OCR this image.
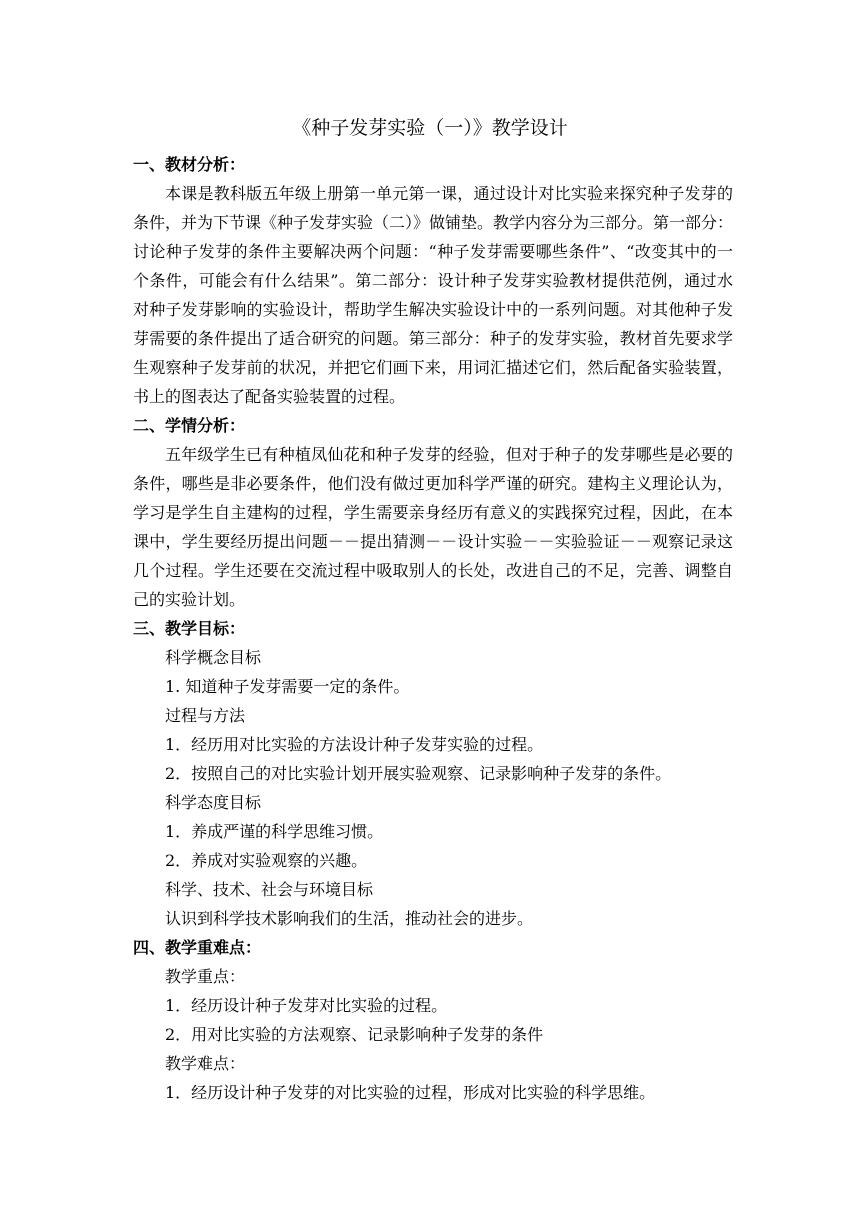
《种子发芽实验（一）》教学设计

一、教材分析：

本课是教科版五年级上册第一单元第一课，通过设计对比实验来探究种子发芽的条件，并为下节课《种子发芽实验（二）》做铺垫。教学内容分为三部分。第一部分：讨论种子发芽的条件主要解决两个问题：“种子发芽需要哪些条件”、“改变其中的一个条件，可能会有什么结果”。第二部分：设计种子发芽实验教材提供范例，通过水对种子发芽影响的实验设计，帮助学生解决实验设计中的一系列问题。对其他种子发芽需要的条件提出了适合研究的问题。第三部分：种子的发芽实验，教材首先要求学生观察种子发芽前的状况，并把它们画下来，用词汇描述它们，然后配备实验装置，书上的图表达了配备实验装置的过程。

二、学情分析：

五年级学生已有种植凤仙花和种子发芽的经验，但对于种子的发芽哪些是必要的条件，哪些是非必要条件，他们没有做过更加科学严谨的研究。建构主义理论认为，学习是学生自主建构的过程，学生需要亲身经历有意义的实践探究过程，因此，在本课中，学生要经历提出问题－－提出猜测－－设计实验－－实验验证－－观察记录这几个过程。学生还要在交流过程中吸取别人的长处，改进自己的不足，完善、调整自己的实验计划。

三、教学目标：

科学概念目标

1. 知道种子发芽需要一定的条件。

过程与方法

1．经历用对比实验的方法设计种子发芽实验的过程。

2．按照自己的对比实验计划开展实验观察、记录影响种子发芽的条件。

科学态度目标

1．养成严谨的科学思维习惯。

2．养成对实验观察的兴趣。

科学、技术、社会与环境目标

认识到科学技术影响我们的生活，推动社会的进步。

四、教学重难点：

教学重点：

1．经历设计种子发芽对比实验的过程。

2．用对比实验的方法观察、记录影响种子发芽的条件

教学难点：

1．经历设计种子发芽的对比实验的过程，形成对比实验的科学思维。
